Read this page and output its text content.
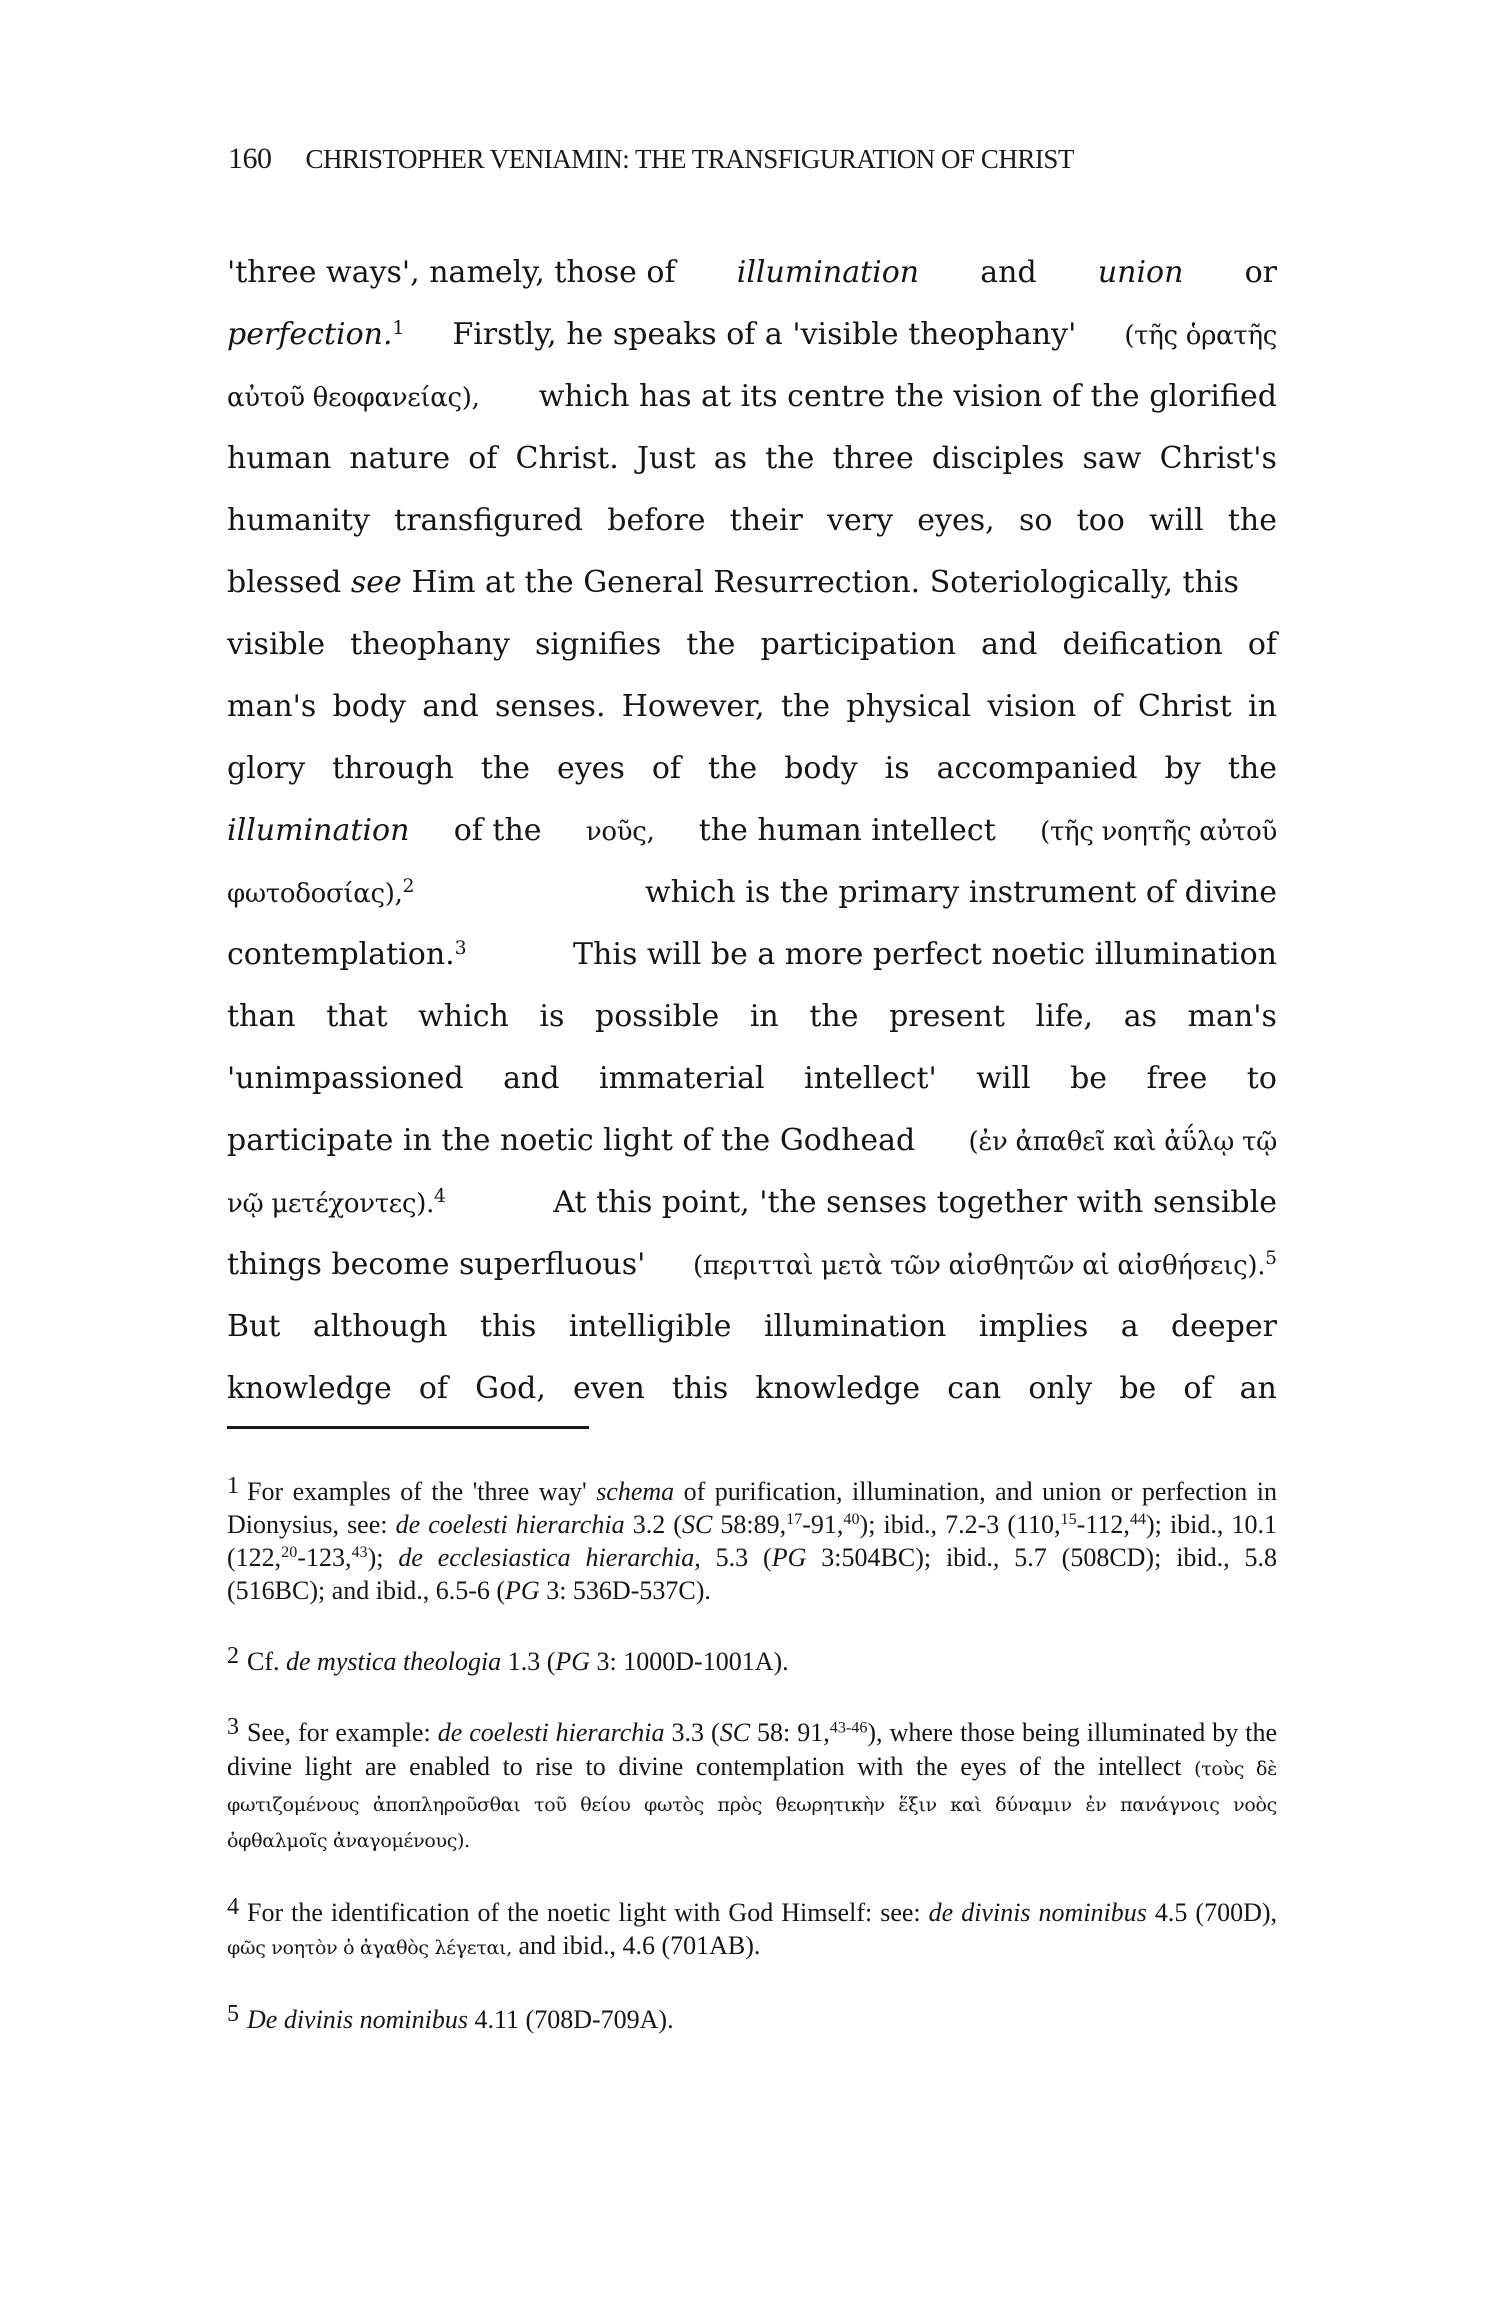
160 CHRISTOPHER VENIAMIN: THE TRANSFIGURATION OF CHRIST
'three ways', namely, those of illumination and union or
perfection.$^1$ Firstly, he speaks of a 'visible theophany' (τῆς ὁρατῆς
αὐτοῦ θεοφανείας), which has at its centre the vision of the glorified
human nature of Christ. Just as the three disciples saw Christ's
humanity transfigured before their very eyes, so too will the
blessed see Him at the General Resurrection. Soteriologically, this
visible theophany signifies the participation and deification of
man's body and senses. However, the physical vision of Christ in
glory through the eyes of the body is accompanied by the
illumination of the νοῦς, the human intellect (τῆς νοητῆς αὐτοῦ
φωτοδοσίας),$^2$	which is the primary instrument of divine
contemplation.$^3$	This will be a more perfect noetic illumination
than that which is possible in the present life, as man's
'unimpassioned and immaterial intellect' will be free to
participate in the noetic light of the Godhead (ἐν ἀπαθεῖ καὶ ἀΰλῳ τῷ
νῷ μετέχοντες).$^4$	At this point, 'the senses together with sensible
things become superfluous' (περιτταὶ μετὰ τῶν αἰσθητῶν αἱ αἰσθήσεις).$^5$
But although this intelligible illumination implies a deeper
knowledge of God, even this knowledge can only be of an
1 For examples of the 'three way' schema of purification, illumination, and union or perfection in Dionysius, see: de coelesti hierarchia 3.2 (SC 58:89,17-91,40); ibid., 7.2-3 (110,15-112,44); ibid., 10.1 (122,20-123,43); de ecclesiastica hierarchia, 5.3 (PG 3:504BC); ibid., 5.7 (508CD); ibid., 5.8 (516BC); and ibid., 6.5-6 (PG 3: 536D-537C).
2 Cf. de mystica theologia 1.3 (PG 3: 1000D-1001A).
3 See, for example: de coelesti hierarchia 3.3 (SC 58: 91,$^{43-46}$), where those being illuminated by the divine light are enabled to rise to divine contemplation with the eyes of the intellect (τοὺς δὲ φωτιζομένους ἀποπληροῦσθαι τοῦ θείου φωτὸς πρὸς θεωρητικὴν ἕξιν καὶ δύναμιν ἐν πανάγνοις νοὸς ὀφθαλμοῖς ἀναγομένους).
4 For the identification of the noetic light with God Himself: see: de divinis nominibus 4.5 (700D), φῶς νοητὸν ὁ ἀγαθὸς λέγεται, and ibid., 4.6 (701AB).
5 De divinis nominibus 4.11 (708D-709A).
